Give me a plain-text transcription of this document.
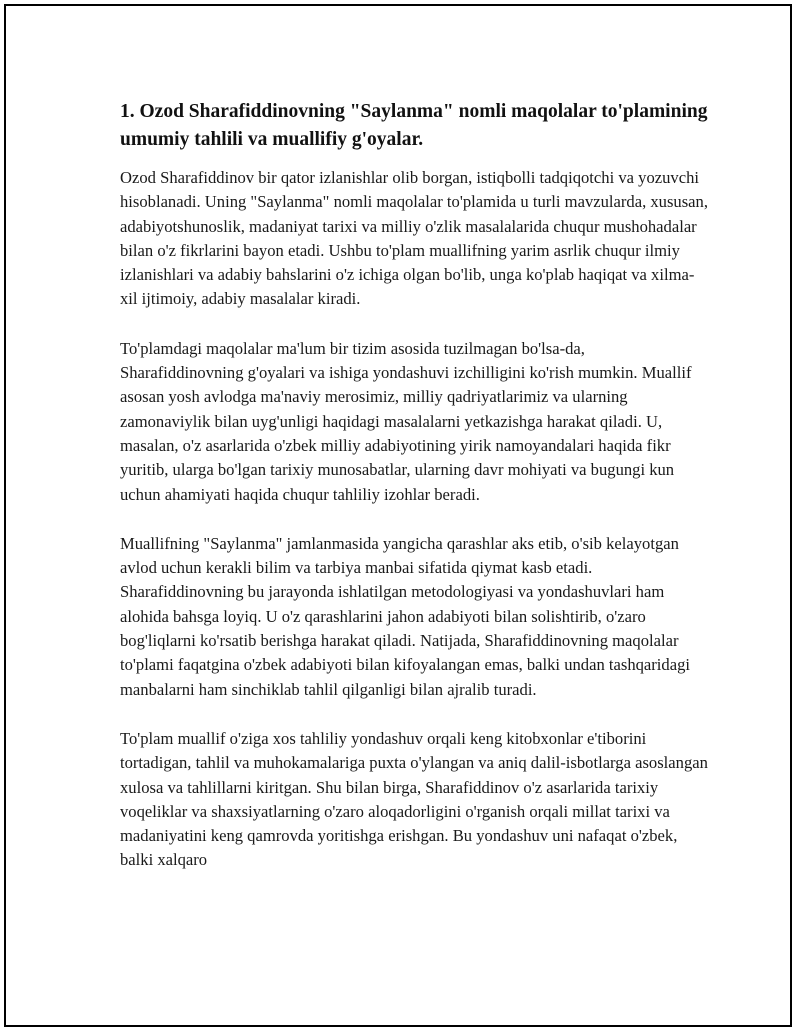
1. Ozod Sharafiddinovning "Saylanma" nomli maqolalar to'plamining umumiy tahlili va muallifiy g'oyalar.

Ozod Sharafiddinov bir qator izlanishlar olib borgan, istiqbolli tadqiqotchi va yozuvchi hisoblanadi. Uning "Saylanma" nomli maqolalar to'plamida u turli mavzularda, xususan, adabiyotshunoslik, madaniyat tarixi va milliy o'zlik masalalarida chuqur mushohadalar bilan o'z fikrlarini bayon etadi. Ushbu to'plam muallifning yarim asrlik chuqur ilmiy izlanishlari va adabiy bahslarini o'z ichiga olgan bo'lib, unga ko'plab haqiqat va xilma-xil ijtimoiy, adabiy masalalar kiradi.

To'plamdagi maqolalar ma'lum bir tizim asosida tuzilmagan bo'lsa-da, Sharafiddinovning g'oyalari va ishiga yondashuvi izchilligini ko'rish mumkin. Muallif asosan yosh avlodga ma'naviy merosimiz, milliy qadriyatlarimiz va ularning zamonaviylik bilan uyg'unligi haqidagi masalalarni yetkazishga harakat qiladi. U, masalan, o'z asarlarida o'zbek milliy adabiyotining yirik namoyandalari haqida fikr yuritib, ularga bo'lgan tarixiy munosabatlar, ularning davr mohiyati va bugungi kun uchun ahamiyati haqida chuqur tahliliy izohlar beradi.

Muallifning "Saylanma" jamlanmasida yangicha qarashlar aks etib, o'sib kelayotgan avlod uchun kerakli bilim va tarbiya manbai sifatida qiymat kasb etadi. Sharafiddinovning bu jarayonda ishlatilgan metodologiyasi va yondashuvlari ham alohida bahsga loyiq. U o'z qarashlarini jahon adabiyoti bilan solishtirib, o'zaro bog'liqlarni ko'rsatib berishga harakat qiladi. Natijada, Sharafiddinovning maqolalar to'plami faqatgina o'zbek adabiyoti bilan kifoyalangan emas, balki undan tashqaridagi manbalarni ham sinchiklab tahlil qilganligi bilan ajralib turadi.

To'plam muallif o'ziga xos tahliliy yondashuv orqali keng kitobxonlar e'tiborini tortadigan, tahlil va muhokamalariga puxta o'ylangan va aniq dalil-isbotlarga asoslangan xulosa va tahlillarni kiritgan. Shu bilan birga, Sharafiddinov o'z asarlarida tarixiy voqeliklar va shaxsiyatlarning o'zaro aloqadorligini o'rganish orqali millat tarixi va madaniyatini keng qamrovda yoritishga erishgan. Bu yondashuv uni nafaqat o'zbek, balki xalqaro
